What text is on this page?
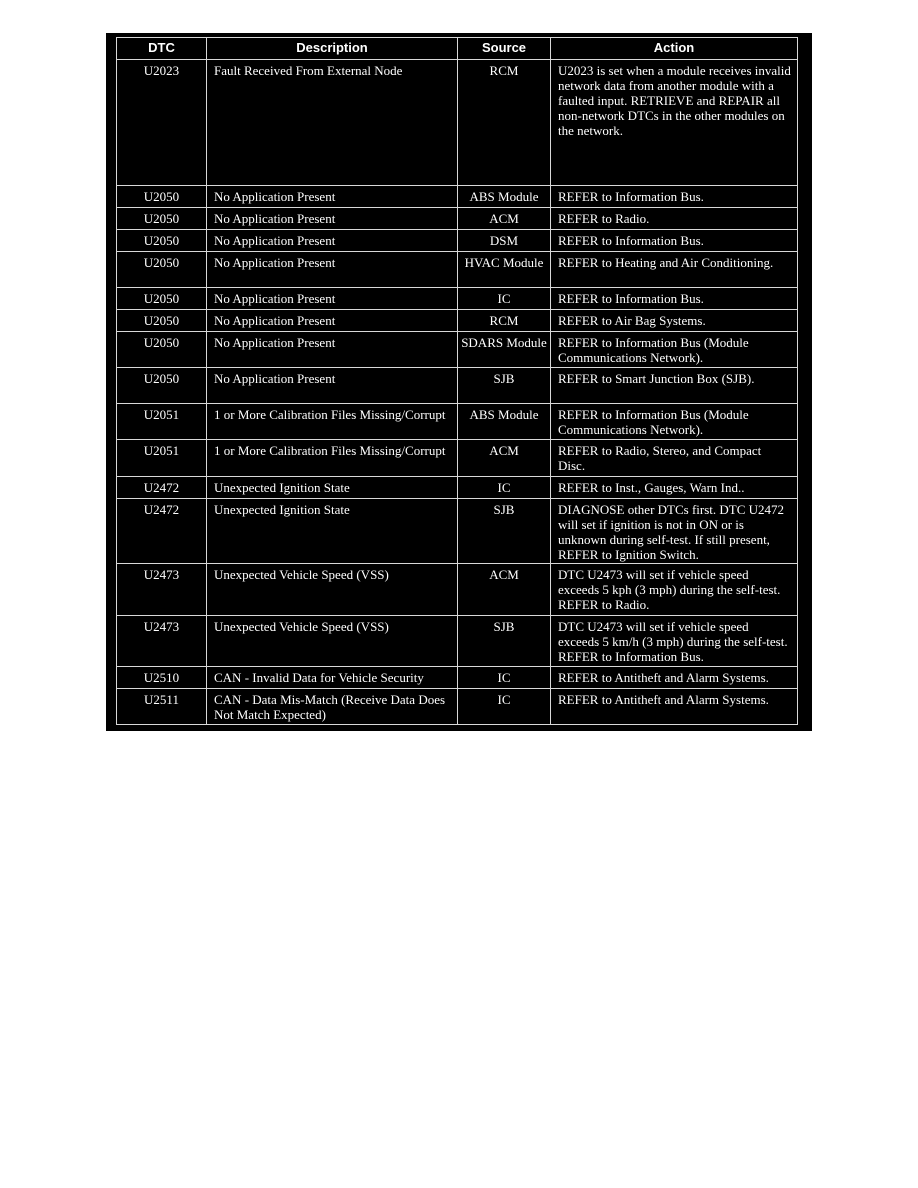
DTC	Description	Source	Action
U2023	Fault Received From External Node	RCM	U2023 is set when a module receives invalid network data from another module with a faulted input. RETRIEVE and REPAIR all non-network DTCs in the other modules on the network.
U2050	No Application Present	ABS Module	REFER to Information Bus.
U2050	No Application Present	ACM	REFER to Radio.
U2050	No Application Present	DSM	REFER to Information Bus.
U2050	No Application Present	HVAC Module	REFER to Heating and Air Conditioning.
U2050	No Application Present	IC	REFER to Information Bus.
U2050	No Application Present	RCM	REFER to Air Bag Systems.
U2050	No Application Present	SDARS Module	REFER to Information Bus (Module Communications Network).
U2050	No Application Present	SJB	REFER to Smart Junction Box (SJB).
U2051	1 or More Calibration Files Missing/Corrupt	ABS Module	REFER to Information Bus (Module Communications Network).
U2051	1 or More Calibration Files Missing/Corrupt	ACM	REFER to Radio, Stereo, and Compact Disc.
U2472	Unexpected Ignition State	IC	REFER to Inst., Gauges, Warn Ind..
U2472	Unexpected Ignition State	SJB	DIAGNOSE other DTCs first. DTC U2472 will set if ignition is not in ON or is unknown during self-test. If still present, REFER to Ignition Switch.
U2473	Unexpected Vehicle Speed (VSS)	ACM	DTC U2473 will set if vehicle speed exceeds 5 kph (3 mph) during the self-test. REFER to Radio.
U2473	Unexpected Vehicle Speed (VSS)	SJB	DTC U2473 will set if vehicle speed exceeds 5 km/h (3 mph) during the self-test. REFER to Information Bus.
U2510	CAN - Invalid Data for Vehicle Security	IC	REFER to Antitheft and Alarm Systems.
U2511	CAN - Data Mis-Match (Receive Data Does Not Match Expected)	IC	REFER to Antitheft and Alarm Systems.
